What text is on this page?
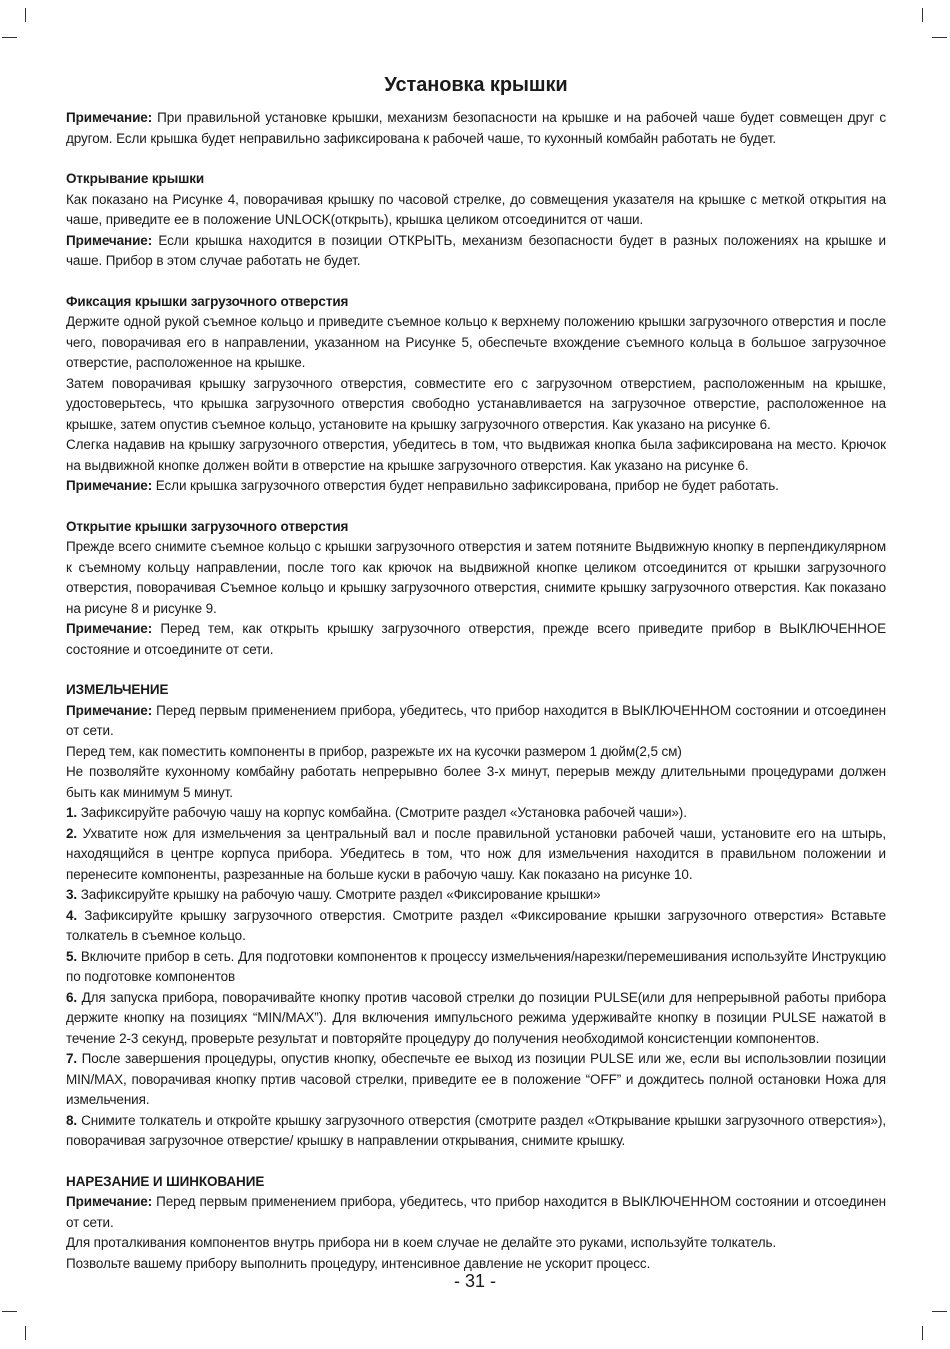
Установка крышки

Примечание: При правильной установке крышки, механизм безопасности на крышке и на рабочей чаше будет совмещен друг с другом. Если крышка будет неправильно зафиксирована к рабочей чаше, то кухонный комбайн работать не будет.

Открывание крышки

Как показано на Рисунке 4, поворачивая крышку по часовой стрелке, до совмещения указателя на крышке с меткой открытия на чаше, приведите ее в положение UNLOCK(открыть), крышка целиком отсоединится от чаши.

Примечание: Если крышка находится в позиции ОТКРЫТЬ, механизм безопасности будет в разных положениях на крышке и чаше. Прибор в этом случае работать не будет.

Фиксация крышки загрузочного отверстия

Держите одной рукой съемное кольцо и приведите съемное кольцо к верхнему положению крышки загрузочного отверстия и после чего, поворачивая его в направлении, указанном на Рисунке 5, обеспечьте вхождение съемного кольца в большое загрузочное отверстие, расположенное на крышке.

Затем поворачивая крышку загрузочного отверстия, совместите его с загрузочном отверстием, расположенным на крышке, удостоверьтесь, что крышка загрузочного отверстия свободно устанавливается на загрузочное отверстие, расположенное на крышке, затем опустив съемное кольцо, установите на крышку загрузочного отверстия. Как указано на рисунке 6.

Слегка надавив на крышку загрузочного отверстия, убедитесь в том, что выдвижая кнопка была зафиксирована на место. Крючок на выдвижной кнопке должен войти в отверстие на крышке загрузочного отверстия. Как указано на рисунке 6.

Примечание: Если крышка загрузочного отверстия будет неправильно зафиксирована, прибор не будет работать.

Открытие крышки загрузочного отверстия

Прежде всего снимите съемное кольцо с крышки загрузочного отверстия и затем потяните Выдвижную кнопку в перпендикулярном к съемному кольцу направлении, после того как крючок на выдвижной кнопке целиком отсоединится от крышки загрузочного отверстия, поворачивая Съемное кольцо и крышку загрузочного отверстия, снимите крышку загрузочного отверстия. Как показано на рисуне 8 и рисунке 9.

Примечание: Перед тем, как открыть крышку загрузочного отверстия, прежде всего приведите прибор в ВЫКЛЮЧЕННОЕ состояние и отсоедините от сети.

ИЗМЕЛЬЧЕНИЕ

Примечание: Перед первым применением прибора, убедитесь, что прибор находится в ВЫКЛЮЧЕННОМ состоянии и отсоединен от сети.

Перед тем, как поместить компоненты в прибор, разрежьте их на кусочки размером 1 дюйм(2,5 см)

Не позволяйте кухонному комбайну работать непрерывно более 3-х минут, перерыв между длительными процедурами должен быть как минимум 5 минут.

1. Зафиксируйте рабочую чашу на корпус комбайна. (Смотрите раздел «Установка рабочей чаши»).

2. Ухватите нож для измельчения за центральный вал и после правильной установки рабочей чаши, установите его на штырь, находящийся в центре корпуса прибора. Убедитесь в том, что нож для измельчения находится в правильном положении и перенесите компоненты, разрезанные на больше куски в рабочую чашу. Как показано на рисунке 10.

3. Зафиксируйте крышку на рабочую чашу. Смотрите раздел «Фиксирование крышки»

4. Зафиксируйте крышку загрузочного отверстия. Смотрите раздел «Фиксирование крышки загрузочного отверстия» Вставьте толкатель в съемное кольцо.

5. Включите прибор в сеть. Для подготовки компонентов к процессу измельчения/нарезки/перемешивания используйте Инструкцию по подготовке компонентов

6. Для запуска прибора, поворачивайте кнопку против часовой стрелки до позиции PULSE(или для непрерывной работы прибора держите кнопку на позициях “MIN/MAX”). Для включения импульсного режима удерживайте кнопку в позиции PULSE нажатой в течение 2-3 секунд, проверьте результат и повторяйте процедуру до получения необходимой консистенции компонентов.

7. После завершения процедуры, опустив кнопку, обеспечьте ее выход из позиции PULSE или же, если вы использовлии позиции MIN/MAX, поворачивая кнопку пртив часовой стрелки, приведите ее в положение “OFF” и дождитесь полной остановки Ножа для измельчения.

8. Снимите толкатель и откройте крышку загрузочного отверстия (смотрите раздел «Открывание крышки загрузочного отверстия»), поворачивая загрузочное отверстие/ крышку в направлении открывания, снимите крышку.

НАРЕЗАНИЕ И ШИНКОВАНИЕ

Примечание: Перед первым применением прибора, убедитесь, что прибор находится в ВЫКЛЮЧЕННОМ состоянии и отсоединен от сети.

Для проталкивания компонентов внутрь прибора ни в коем случае не делайте это руками, используйте толкатель.

Позвольте вашему прибору выполнить процедуру, интенсивное давление не ускорит процесс.

- 31 -
